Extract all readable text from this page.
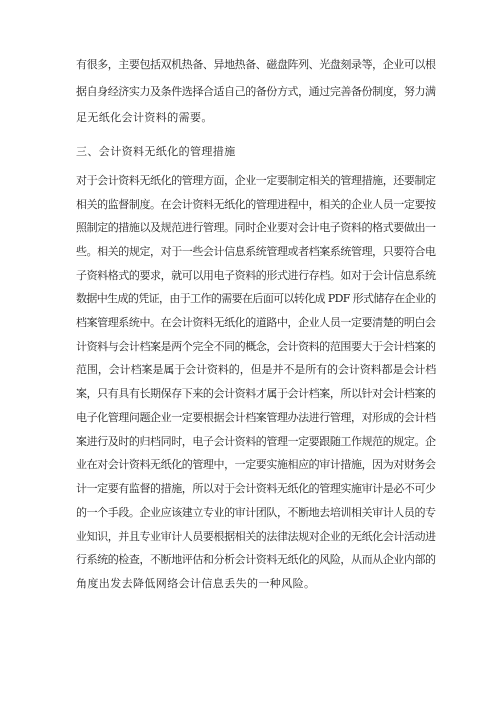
有很多，主要包括双机热备、异地热备、磁盘阵列、光盘刻录等，企业可以根
据自身经济实力及条件选择合适自己的备份方式，通过完善备份制度，努力满
足无纸化会计资料的需要。
三、会计资料无纸化的管理措施
对于会计资料无纸化的管理方面，企业一定要制定相关的管理措施，还要制定
相关的监督制度。在会计资料无纸化的管理进程中，相关的企业人员一定要按
照制定的措施以及规范进行管理。同时企业要对会计电子资料的格式要做出一
些。相关的规定，对于一些会计信息系统管理或者档案系统管理，只要符合电
子资料格式的要求，就可以用电子资料的形式进行存档。如对于会计信息系统
数据中生成的凭证，由于工作的需要在后面可以转化成 PDF 形式储存在企业的
档案管理系统中。在会计资料无纸化的道路中，企业人员一定要清楚的明白会
计资料与会计档案是两个完全不同的概念，会计资料的范围要大于会计档案的
范围，会计档案是属于会计资料的，但是并不是所有的会计资料都是会计档
案，只有具有长期保存下来的会计资料才属于会计档案，所以针对会计档案的
电子化管理问题企业一定要根据会计档案管理办法进行管理，对形成的会计档
案进行及时的归档同时，电子会计资料的管理一定要跟随工作规范的规定。企
业在对会计资料无纸化的管理中，一定要实施相应的审计措施，因为对财务会
计一定要有监督的措施，所以对于会计资料无纸化的管理实施审计是必不可少
的一个手段。企业应该建立专业的审计团队，不断地去培训相关审计人员的专
业知识，并且专业审计人员要根据相关的法律法规对企业的无纸化会计活动进
行系统的检查，不断地评估和分析会计资料无纸化的风险，从而从企业内部的
角度出发去降低网络会计信息丢失的一种风险。
